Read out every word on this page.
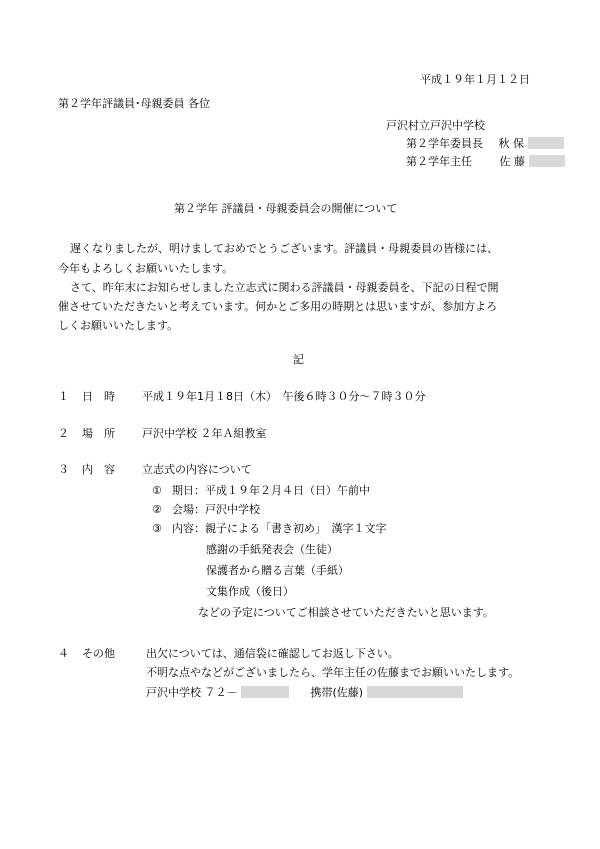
平成１９年１月１２日
第２学年評議員･母親委員 各位
戸沢村立戸沢中学校
第２学年委員長 秋 保
第２学年主任	佐 藤
第２学年 評議員・母親委員会の開催について
遅くなりましたが、明けましておめでとうございます。評議員・母親委員の皆様には、
今年もよろしくお願いいたします。
さて、昨年末にお知らせしました立志式に関わる評議員・母親委員を、下記の日程で開
催させていただきたいと考えています。何かとご多用の時期とは思いますが、参加方よろ
しくお願いいたします。
記
１ 日　時 平成１９年1月１8日（木）　午後６時３０分～７時３０分
２ 場　所 戸沢中学校 ２年Ａ組教室
３ 内　容 立志式の内容について
① 期日：平成１９年２月４日（日）午前中
② 会場：戸沢中学校
③ 内容：親子による「書き初め」　漢字１文字
感謝の手紙発表会（生徒）
保護者から贈る言葉（手紙）
文集作成（後日）
などの予定についてご相談させていただきたいと思います。
４ その他	出欠については、通信袋に確認してお返し下さい。
不明な点やなどがございましたら、学年主任の佐藤までお願いいたします。
戸沢中学校 ７２－	携帯(佐藤)
